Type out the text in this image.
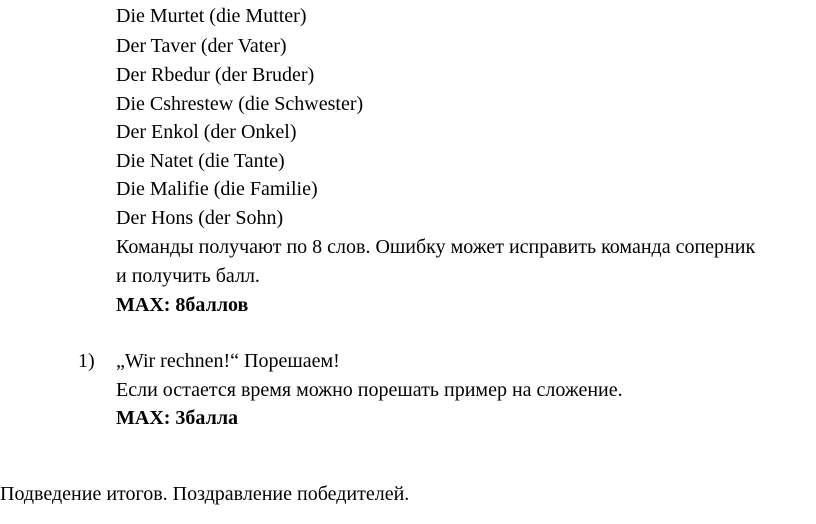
Die Murtet (die Mutter)
Der Taver (der Vater)
Der Rbedur (der Bruder)
Die Cshrestew (die Schwester)
Der Enkol (der Onkel)
Die Natet (die Tante)
Die Malifie (die Familie)
Der Hons (der Sohn)
Команды получают по 8 слов. Ошибку может исправить команда соперник
и получить балл.
MAX: 8баллов
1) „Wir rechnen!“ Порешаем!
Если остается время можно порешать пример на сложение.
MAX: 3балла
Подведение итогов. Поздравление победителей.
